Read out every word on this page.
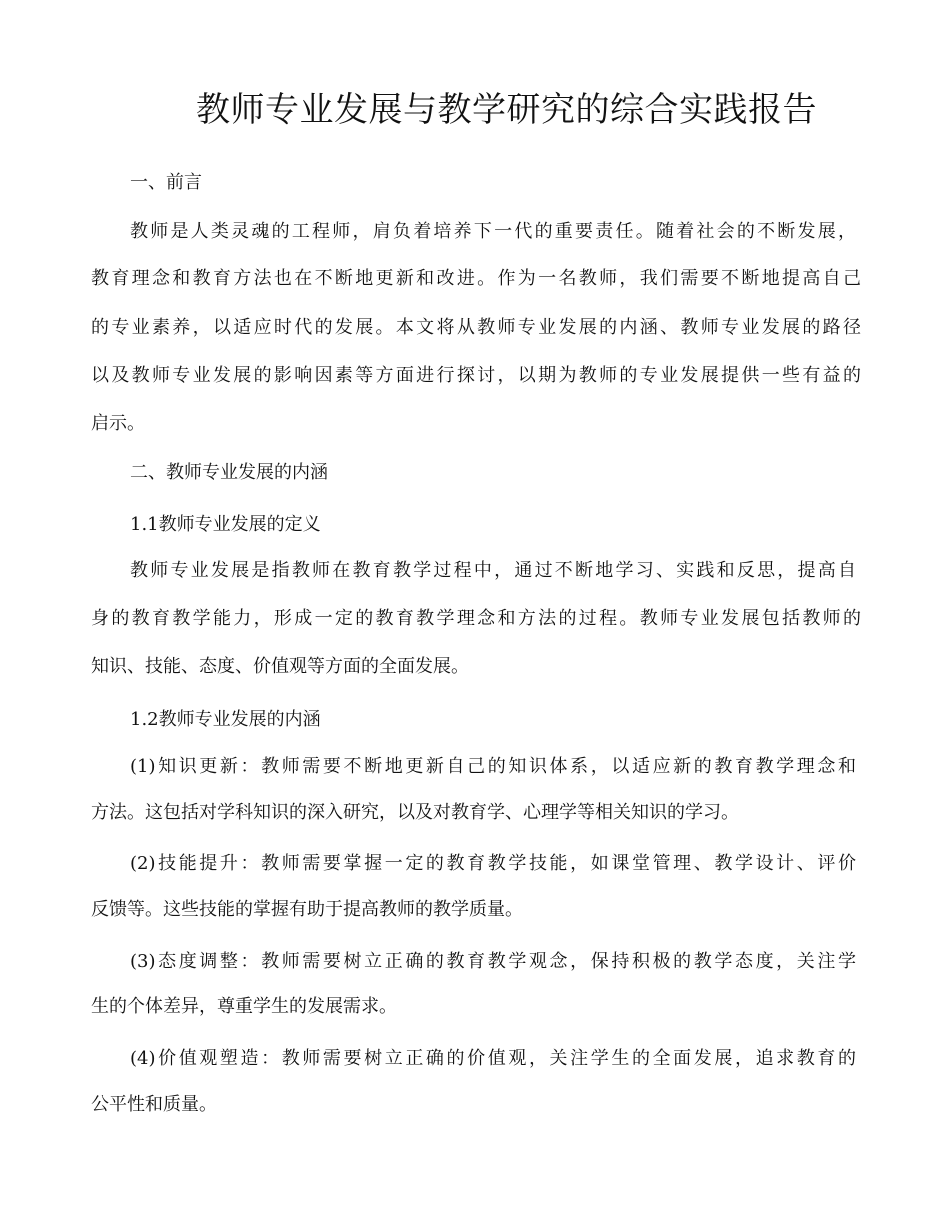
教师专业发展与教学研究的综合实践报告

一、前言

教师是人类灵魂的工程师，肩负着培养下一代的重要责任。随着社会的不断发展，

教育理念和教育方法也在不断地更新和改进。作为一名教师，我们需要不断地提高自己

的专业素养，以适应时代的发展。本文将从教师专业发展的内涵、教师专业发展的路径

以及教师专业发展的影响因素等方面进行探讨，以期为教师的专业发展提供一些有益的

启示。

二、教师专业发展的内涵

1.1教师专业发展的定义

教师专业发展是指教师在教育教学过程中，通过不断地学习、实践和反思，提高自

身的教育教学能力，形成一定的教育教学理念和方法的过程。教师专业发展包括教师的

知识、技能、态度、价值观等方面的全面发展。

1.2教师专业发展的内涵

(1)知识更新：教师需要不断地更新自己的知识体系，以适应新的教育教学理念和

方法。这包括对学科知识的深入研究，以及对教育学、心理学等相关知识的学习。

(2)技能提升：教师需要掌握一定的教育教学技能，如课堂管理、教学设计、评价

反馈等。这些技能的掌握有助于提高教师的教学质量。

(3)态度调整：教师需要树立正确的教育教学观念，保持积极的教学态度，关注学

生的个体差异，尊重学生的发展需求。

(4)价值观塑造：教师需要树立正确的价值观，关注学生的全面发展，追求教育的

公平性和质量。
